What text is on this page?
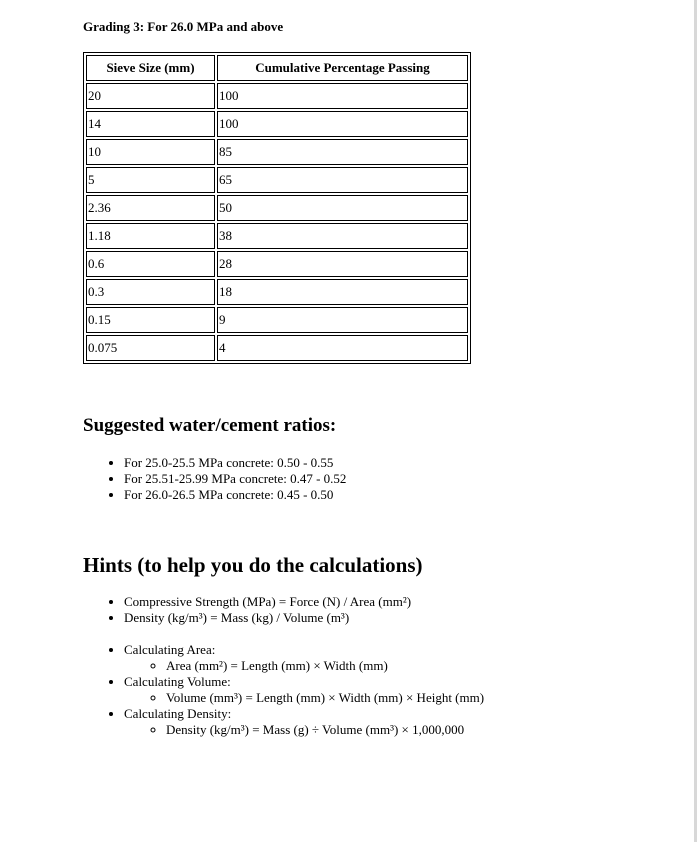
Grading 3: For 26.0 MPa and above
Sieve Size (mm)	Cumulative Percentage Passing
20	100
14	100
10	85
5	65
2.36	50
1.18	38
0.6	28
0.3	18
0.15	9
0.075	4
Suggested water/cement ratios:
• For 25.0-25.5 MPa concrete: 0.50 - 0.55
• For 25.51-25.99 MPa concrete: 0.47 - 0.52
• For 26.0-26.5 MPa concrete: 0.45 - 0.50
Hints (to help you do the calculations)
• Compressive Strength (MPa) = Force (N) / Area (mm²)
• Density (kg/m³) = Mass (kg) / Volume (m³)
• Calculating Area:
◦ Area (mm²) = Length (mm) × Width (mm)
• Calculating Volume:
◦ Volume (mm³) = Length (mm) × Width (mm) × Height (mm)
• Calculating Density:
◦ Density (kg/m³) = Mass (g) ÷ Volume (mm³) × 1,000,000
